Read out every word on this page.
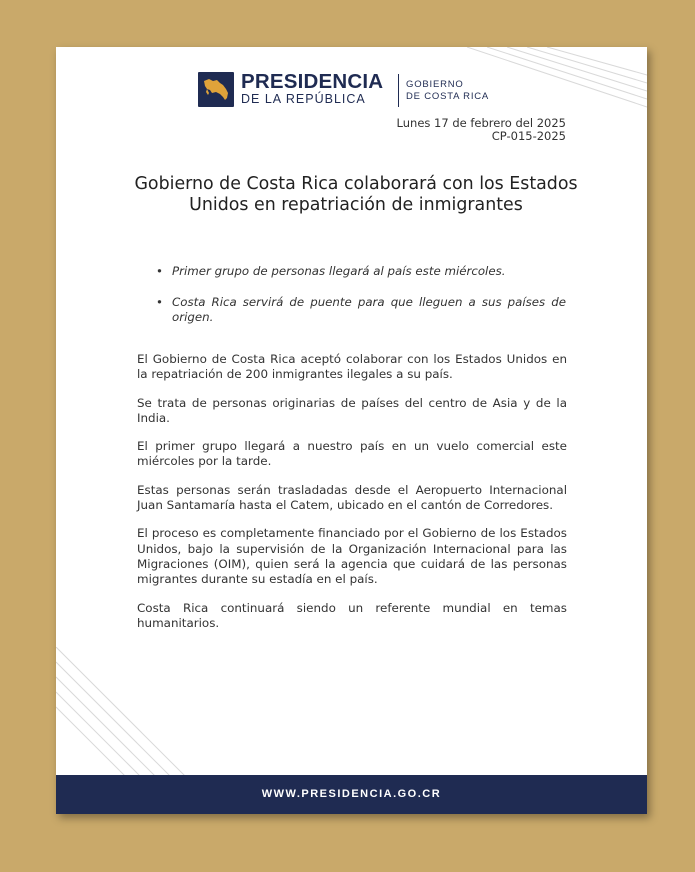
PRESIDENCIA
DE LA REPÚBLICA
GOBIERNO
DE COSTA RICA
Lunes 17 de febrero del 2025
CP-015-2025
Gobierno de Costa Rica colaborará con los Estados Unidos en repatriación de inmigrantes
• Primer grupo de personas llegará al país este miércoles.
• Costa Rica servirá de puente para que lleguen a sus países de origen.

El Gobierno de Costa Rica aceptó colaborar con los Estados Unidos en la repatriación de 200 inmigrantes ilegales a su país.

Se trata de personas originarias de países del centro de Asia y de la India.

El primer grupo llegará a nuestro país en un vuelo comercial este miércoles por la tarde.

Estas personas serán trasladadas desde el Aeropuerto Internacional Juan Santamaría hasta el Catem, ubicado en el cantón de Corredores.

El proceso es completamente financiado por el Gobierno de los Estados Unidos, bajo la supervisión de la Organización Internacional para las Migraciones (OIM), quien será la agencia que cuidará de las personas migrantes durante su estadía en el país.

Costa Rica continuará siendo un referente mundial en temas humanitarios.

WWW.PRESIDENCIA.GO.CR
